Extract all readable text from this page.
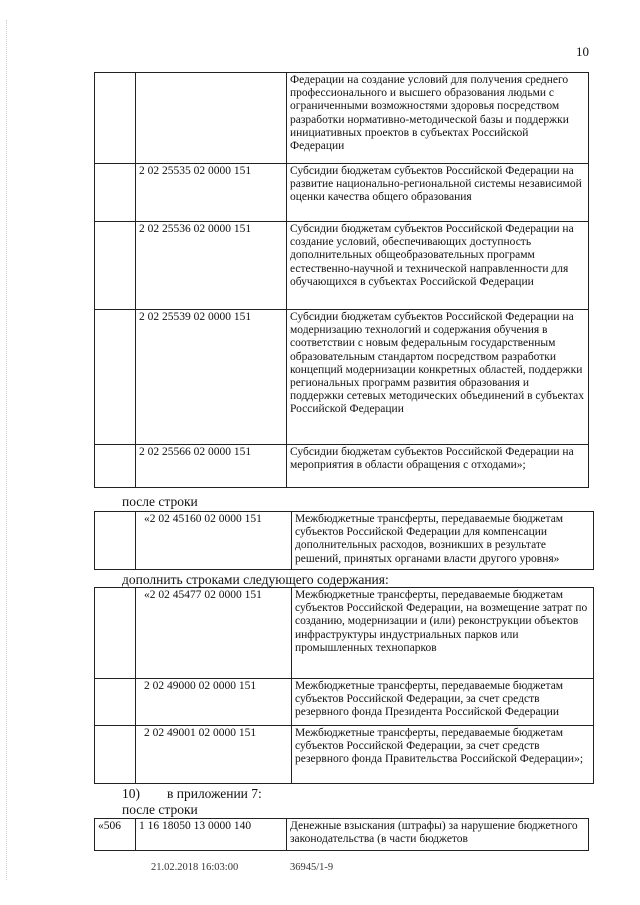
10
		Федерации на создание условий для получения среднего профессионального и высшего образования людьми с ограниченными возможностями здоровья посредством разработки нормативно-методической базы и поддержки инициативных проектов в субъектах Российской Федерации
	2 02 25535 02 0000 151	Субсидии бюджетам субъектов Российской Федерации на развитие национально-региональной системы независимой оценки качества общего образования
	2 02 25536 02 0000 151	Субсидии бюджетам субъектов Российской Федерации на создание условий, обеспечивающих доступность дополнительных общеобразовательных программ естественно-научной и технической направленности для обучающихся в субъектах Российской Федерации
	2 02 25539 02 0000 151	Субсидии бюджетам субъектов Российской Федерации на модернизацию технологий и содержания обучения в соответствии с новым федеральным государственным образовательным стандартом посредством разработки концепций модернизации конкретных областей, поддержки региональных программ развития образования и поддержки сетевых методических объединений в субъектах Российской Федерации
	2 02 25566 02 0000 151	Субсидии бюджетам субъектов Российской Федерации на мероприятия в области обращения с отходами»;
после строки
	«2 02 45160 02 0000 151	Межбюджетные трансферты, передаваемые бюджетам субъектов Российской Федерации для компенсации дополнительных расходов, возникших в результате решений, принятых органами власти другого уровня»
дополнить строками следующего содержания:
	«2 02 45477 02 0000 151	Межбюджетные трансферты, передаваемые бюджетам субъектов Российской Федерации, на возмещение затрат по созданию, модернизации и (или) реконструкции объектов инфраструктуры индустриальных парков или промышленных технопарков
	2 02 49000 02 0000 151	Межбюджетные трансферты, передаваемые бюджетам субъектов Российской Федерации, за счет средств резервного фонда Президента Российской Федерации
	2 02 49001 02 0000 151	Межбюджетные трансферты, передаваемые бюджетам субъектов Российской Федерации, за счет средств резервного фонда Правительства Российской Федерации»;
10)        в приложении 7:
после строки
«506	1 16 18050 13 0000 140	Денежные взыскания (штрафы) за нарушение бюджетного законодательства (в части бюджетов
21.02.2018 16:03:00	36945/1-9
